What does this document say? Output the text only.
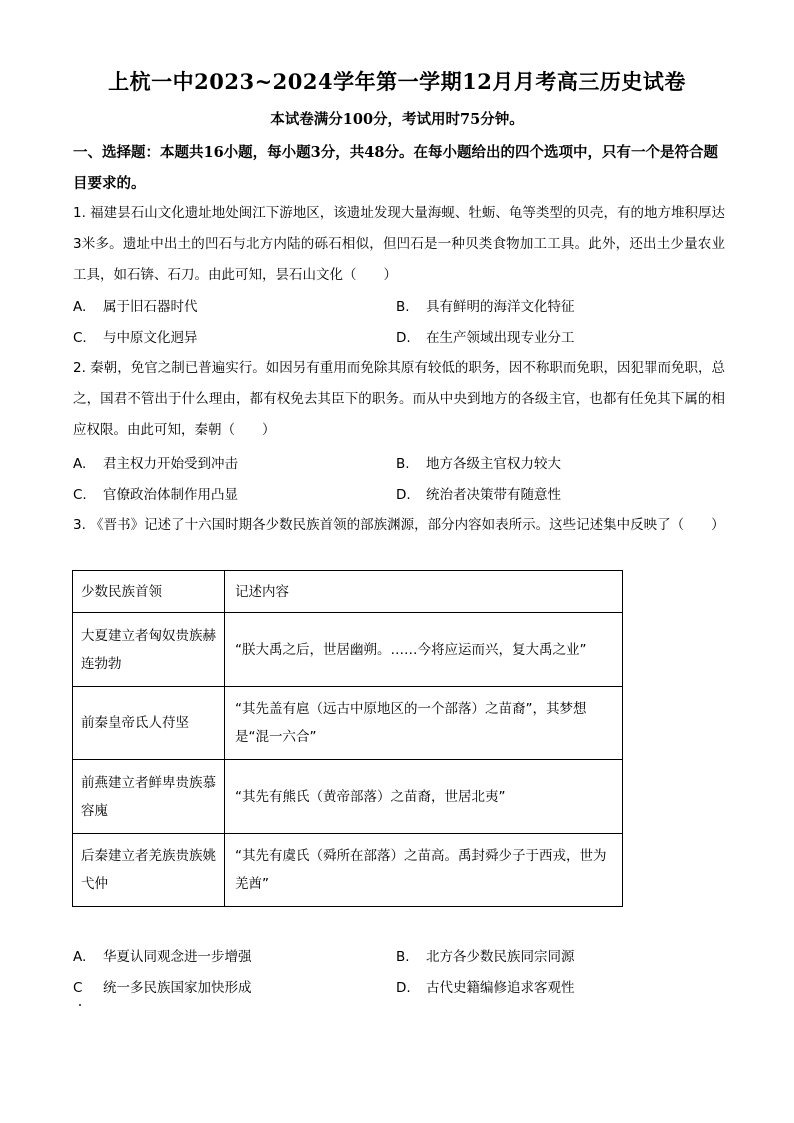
上杭一中2023~2024学年第一学期12月月考高三历史试卷
本试卷满分100分，考试用时75分钟。
一、选择题：本题共16小题，每小题3分，共48分。在每小题给出的四个选项中，只有一个是符合题目要求的。
1. 福建昙石山文化遗址地处闽江下游地区，该遗址发现大量海蚬、牡蛎、龟等类型的贝壳，有的地方堆积厚达3米多。遗址中出土的凹石与北方内陆的砾石相似，但凹石是一种贝类食物加工工具。此外，还出土少量农业工具，如石锛、石刀。由此可知，昙石山文化（　　）
A. 属于旧石器时代	B. 具有鲜明的海洋文化特征
C. 与中原文化迥异	D. 在生产领域出现专业分工
2. 秦朝，免官之制已普遍实行。如因另有重用而免除其原有较低的职务，因不称职而免职，因犯罪而免职，总之，国君不管出于什么理由，都有权免去其臣下的职务。而从中央到地方的各级主官，也都有任免其下属的相应权限。由此可知，秦朝（　　）
A. 君主权力开始受到冲击	B. 地方各级主官权力较大
C. 官僚政治体制作用凸显	D. 统治者决策带有随意性
3. 《晋书》记述了十六国时期各少数民族首领的部族渊源，部分内容如表所示。这些记述集中反映了（　　）
少数民族首领	记述内容
大夏建立者匈奴贵族赫连勃勃	“朕大禹之后，世居幽朔。……今将应运而兴，复大禹之业”
前秦皇帝氐人苻坚	“其先盖有扈（远古中原地区的一个部落）之苗裔”，其梦想是“混一六合”
前燕建立者鲜卑贵族慕容廆	“其先有熊氏（黄帝部落）之苗裔，世居北夷”
后秦建立者羌族贵族姚弋仲	“其先有虞氏（舜所在部落）之苗高。禹封舜少子于西戎，世为羌酋”
A. 华夏认同观念进一步增强	B. 北方各少数民族同宗同源
C 统一多民族国家加快形成	D. 古代史籍编修追求客观性
